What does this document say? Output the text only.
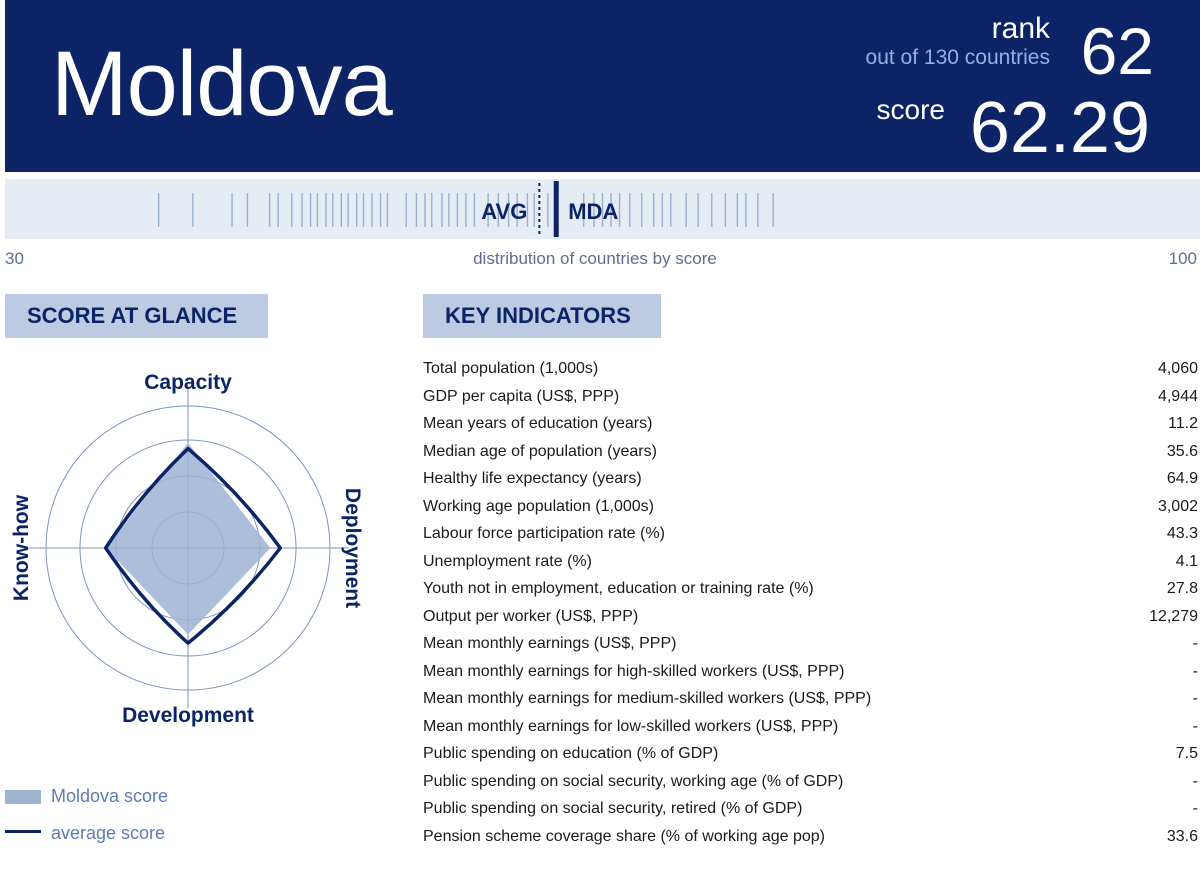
Moldova
rank
out of 130 countries 62
score 62.29
AVG MDA
30	distribution of countries by score	100
SCORE AT GLANCE	KEY INDICATORS
Capacity
Development
Deployment
Know-how
Moldova score
average score
Total population (1,000s)	4,060
GDP per capita (US$, PPP)	4,944
Mean years of education (years)	11.2
Median age of population (years)	35.6
Healthy life expectancy (years)	64.9
Working age population (1,000s)	3,002
Labour force participation rate (%)	43.3
Unemployment rate (%)	4.1
Youth not in employment, education or training rate (%)	27.8
Output per worker (US$, PPP)	12,279
Mean monthly earnings (US$, PPP)	-
Mean monthly earnings for high-skilled workers (US$, PPP)	-
Mean monthly earnings for medium-skilled workers (US$, PPP)	-
Mean monthly earnings for low-skilled workers (US$, PPP)	-
Public spending on education (% of GDP)	7.5
Public spending on social security, working age (% of GDP)	-
Public spending on social security, retired (% of GDP)	-
Pension scheme coverage share (% of working age pop)	33.6
